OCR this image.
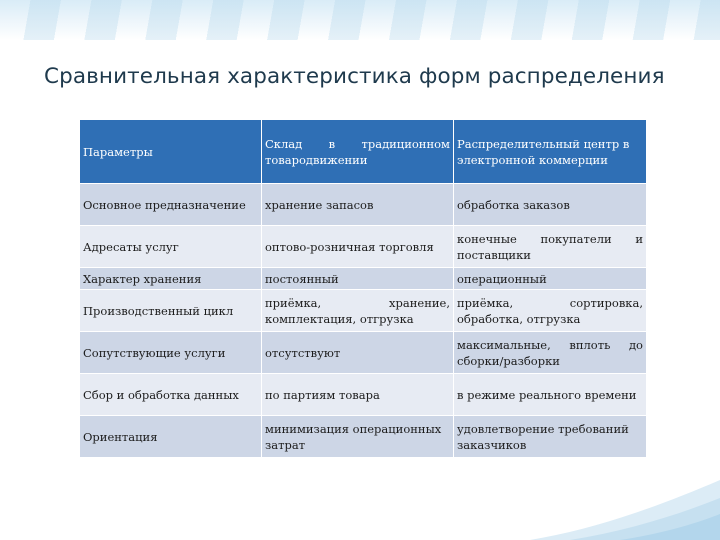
Сравнительная характеристика форм распределения
Параметры	Склад в традиционном товародвижении	Распределительный центр в электронной коммерции
Основное предназначение	хранение запасов	обработка заказов
Адресаты услуг	оптово-розничная торговля	конечные покупатели и поставщики
Характер хранения	постоянный	операционный
Производственный цикл	приёмка, хранение, комплектация, отгрузка	приёмка, сортировка, обработка, отгрузка
Сопутствующие услуги	отсутствуют	максимальные, вплоть до сборки/разборки
Сбор и обработка данных	по партиям товара	в режиме реального времени
Ориентация	минимизация операционных затрат	удовлетворение требований заказчиков
